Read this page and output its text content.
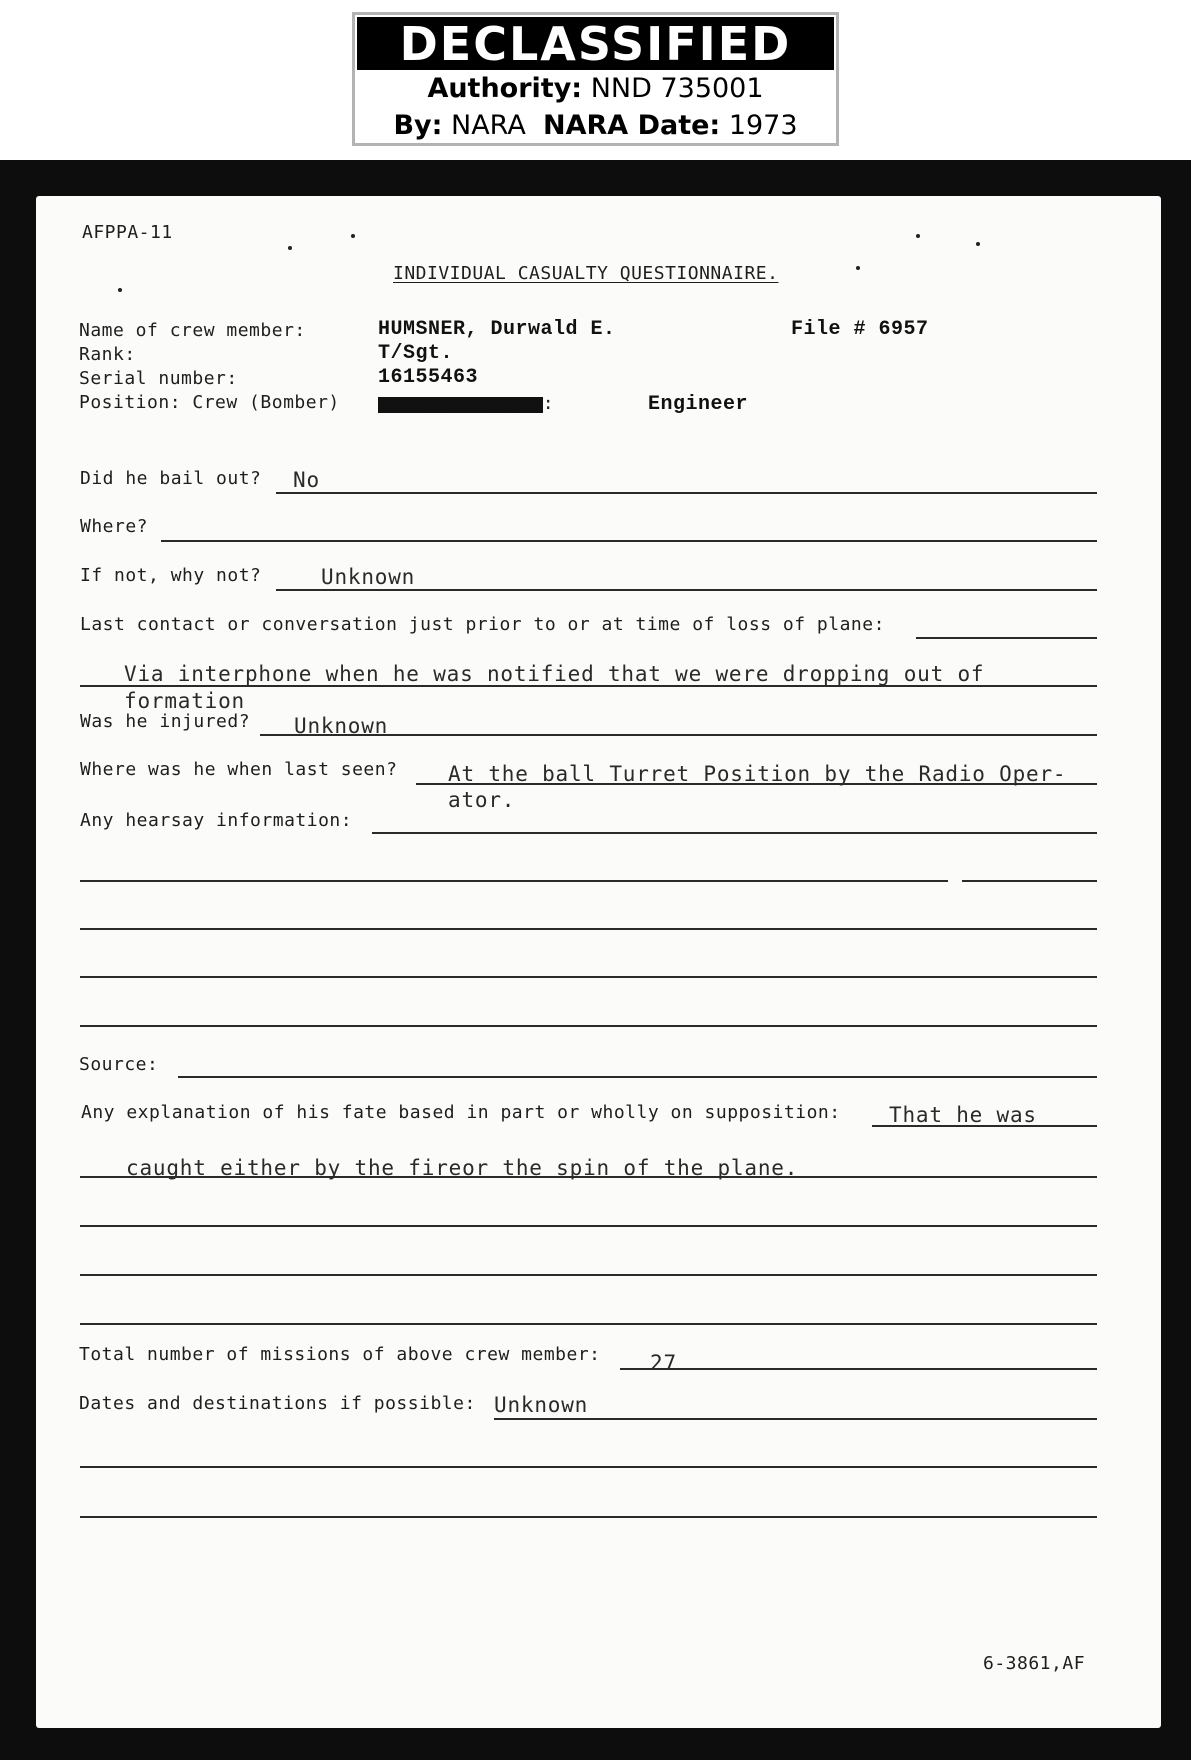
DECLASSIFIED
Authority: NND 735001
By: NARA NARA Date: 1973
AFPPA-11
INDIVIDUAL CASUALTY QUESTIONNAIRE.
Name of crew member:	HUMSNER, Durwald E.	File # 6957
Rank:	T/Sgt.
Serial number:	16155463
Position: Crew (Bomber)	XXXXX, XXXXXXXXXXX :	Engineer
Did he bail out? No
Where?
If not, why not?	Unknown
Last contact or conversation just prior to or at time of loss of plane:
Via interphone when he was notified that we were dropping out of
formation
Was he injured? Unknown
Where was he when last seen? At the ball Turret Position by the Radio Oper-
ator.
Any hearsay information:
Source:
Any explanation of his fate based in part or wholly on supposition: That he was
caught either by the fireor the spin of the plane.
Total number of missions of above crew member: 27
Dates and destinations if possible: Unknown
6-3861,AF
